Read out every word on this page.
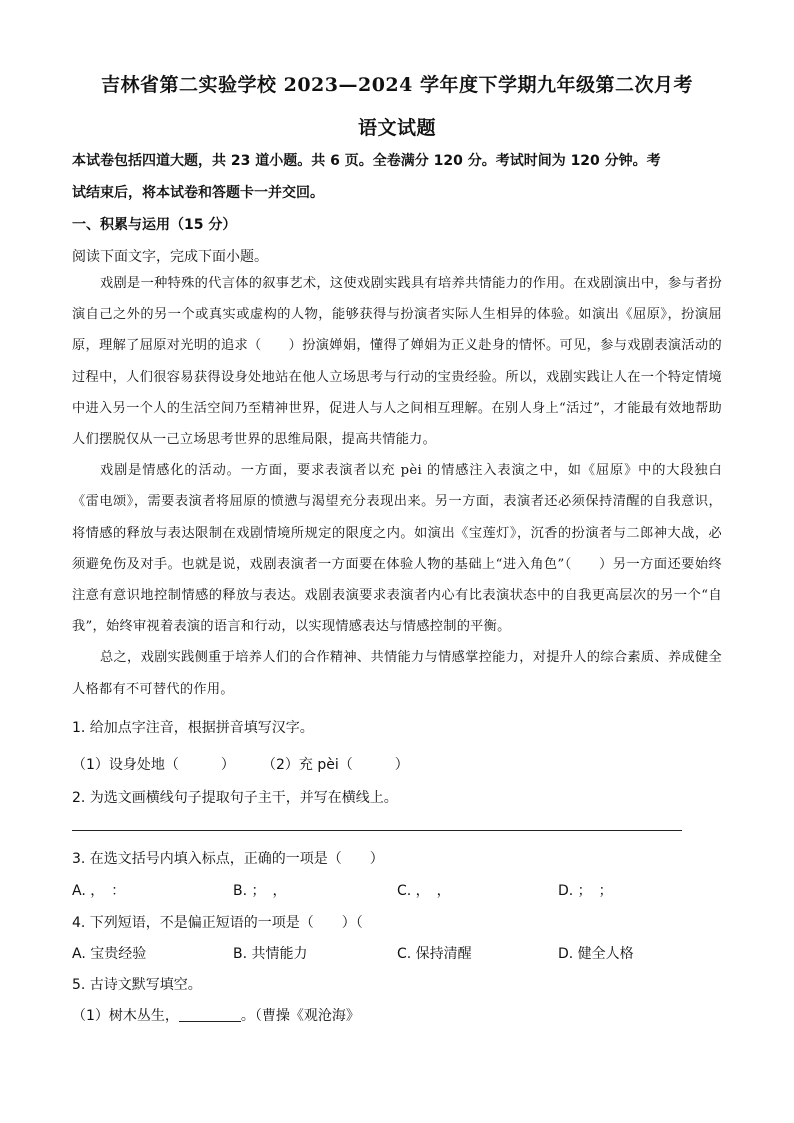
吉林省第二实验学校 2023—2024 学年度下学期九年级第二次月考
语文试题
本试卷包括四道大题，共 23 道小题。共 6 页。全卷满分 120 分。考试时间为 120 分钟。考
试结束后，将本试卷和答题卡一并交回。
一、积累与运用（15 分）
阅读下面文字，完成下面小题。

戏剧是一种特殊的代言体的叙事艺术，这使戏剧实践具有培养共情能力的作用。在戏剧演出中，参与者扮演自己之外的另一个或真实或虚构的人物，能够获得与扮演者实际人生相异的体验。如演出《屈原》，扮演屈原，理解了屈原对光明的追求（　　）扮演婵娟，懂得了婵娟为正义赴身的情怀。可见，参与戏剧表演活动的过程中，人们很容易获得设身处地站在他人立场思考与行动的宝贵经验。所以，戏剧实践让人在一个特定情境中进入另一个人的生活空间乃至精神世界，促进人与人之间相互理解。在别人身上“活过”，才能最有效地帮助人们摆脱仅从一己立场思考世界的思维局限，提高共情能力。

戏剧是情感化的活动。一方面，要求表演者以充 pèi 的情感注入表演之中，如《屈原》中的大段独白《雷电颂》，需要表演者将屈原的愤懑与渴望充分表现出来。另一方面，表演者还必须保持清醒的自我意识，将情感的释放与表达限制在戏剧情境所规定的限度之内。如演出《宝莲灯》，沉香的扮演者与二郎神大战，必须避免伤及对手。也就是说，戏剧表演者一方面要在体验人物的基础上“进入角色”（　　）另一方面还要始终注意有意识地控制情感的释放与表达。戏剧表演要求表演者内心有比表演状态中的自我更高层次的另一个“自我”，始终审视着表演的语言和行动，以实现情感表达与情感控制的平衡。

总之，戏剧实践侧重于培养人们的合作精神、共情能力与情感掌控能力，对提升人的综合素质、养成健全人格都有不可替代的作用。

1. 给加点字注音，根据拼音填写汉字。
（1）设身处地（　　　） （2）充 pèi（　　　）
2. 为选文画横线句子提取句子主干，并写在横线上。
3. 在选文括号内填入标点，正确的一项是（　　）
A. ，　：	B. ；　，	C. ，　，	D. ；　；
4. 下列短语，不是偏正短语的一项是（　　）（
A. 宝贵经验	B. 共情能力	C. 保持清醒	D. 健全人格
5. 古诗文默写填空。
（1）树木丛生，	。（曹操《观沧海》
